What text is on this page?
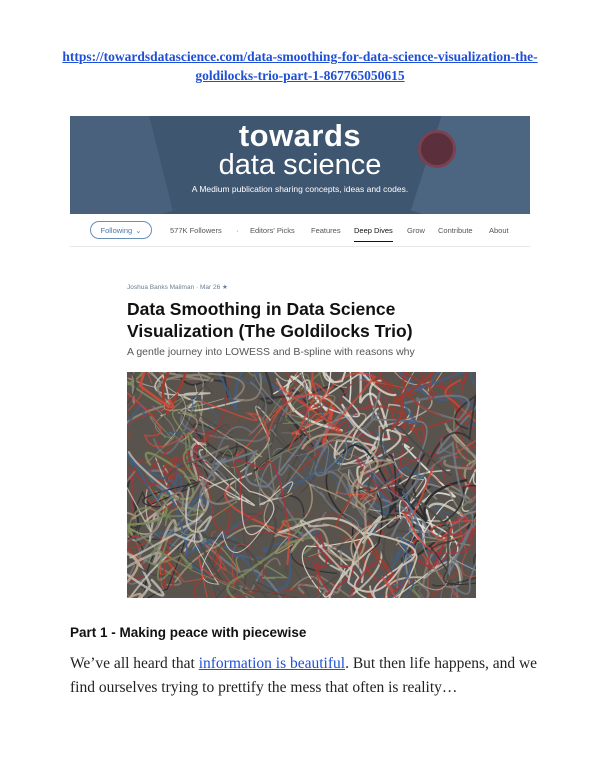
https://towardsdatascience.com/data-smoothing-for-data-science-visualization-the-goldilocks-trio-part-1-867765050615
towards
data science
A Medium publication sharing concepts, ideas and codes.
Following ⌄	577K Followers · Editors' Picks Features Deep Dives Grow Contribute About
Joshua Banks Mailman · Mar 26 ★
Data Smoothing in Data Science Visualization (The Goldilocks Trio)
A gentle journey into LOWESS and B-spline with reasons why
Part 1 - Making peace with piecewise

We’ve all heard that information is beautiful. But then life happens, and we find ourselves trying to prettify the mess that often is reality…
